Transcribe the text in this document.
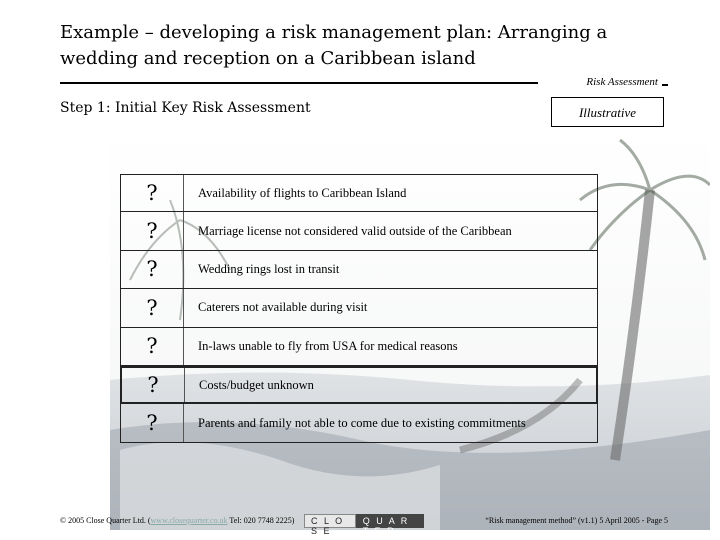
Example – developing a risk management plan: Arranging a wedding and reception on a Caribbean island
Risk Assessment
Step 1: Initial Key Risk Assessment	Illustrative
?	Availability of flights to Caribbean Island
?	Marriage license not considered valid outside of the Caribbean
?	Wedding rings lost in transit
?	Caterers not available during visit
?	In-laws unable to fly from USA for medical reasons
?	Costs/budget unknown
?	Parents and family not able to come due to existing commitments
© 2005 Close Quarter Ltd. (www.closequarter.co.uk Tel: 020 7748 2225)	C L O S E
Q U A R T E R
“Risk management method” (v1.1) 5 April 2005 - Page 5
